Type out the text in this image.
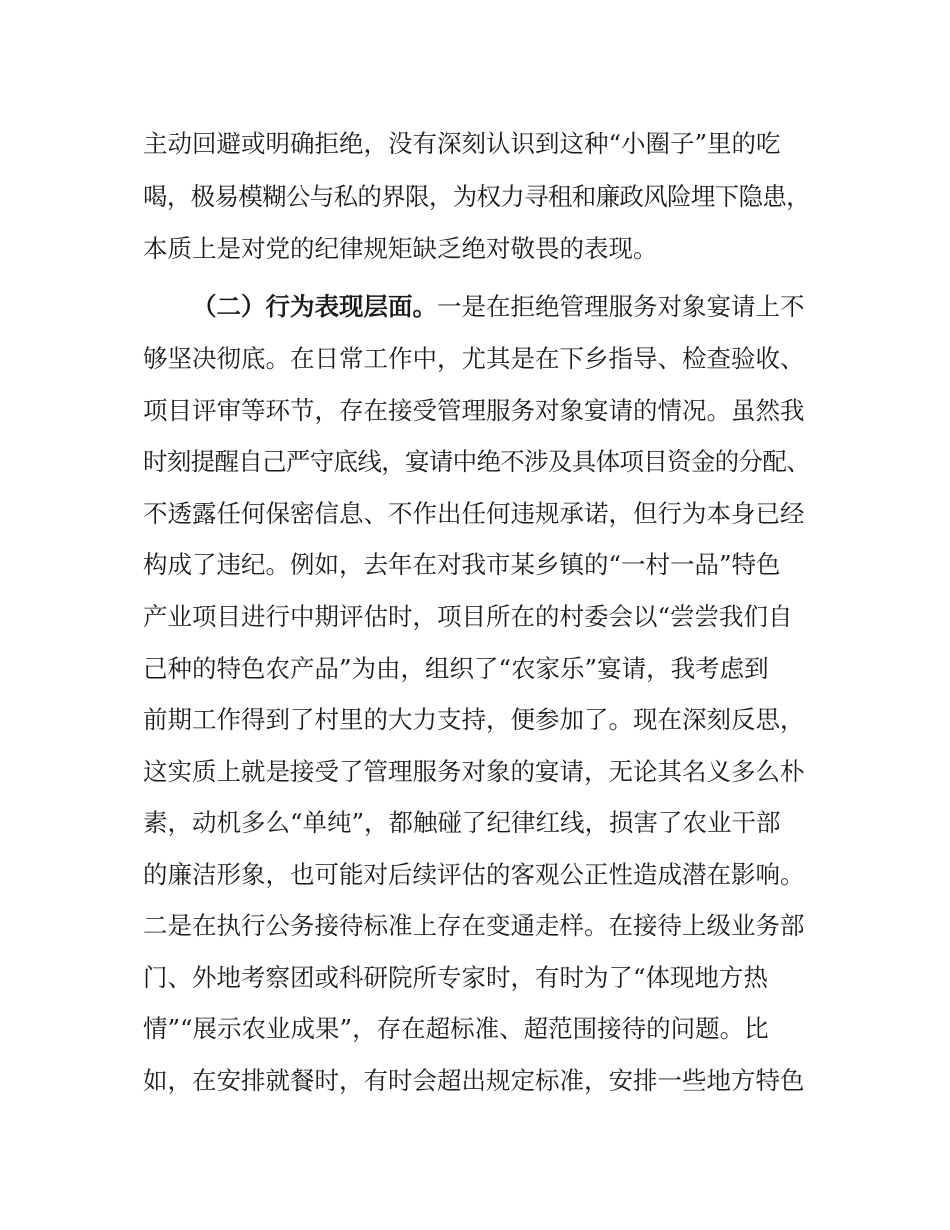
主动回避或明确拒绝，没有深刻认识到这种“小圈子”里的吃
喝，极易模糊公与私的界限，为权力寻租和廉政风险埋下隐患，
本质上是对党的纪律规矩缺乏绝对敬畏的表现。
（二）行为表现层面。一是在拒绝管理服务对象宴请上不
够坚决彻底。在日常工作中，尤其是在下乡指导、检查验收、
项目评审等环节，存在接受管理服务对象宴请的情况。虽然我
时刻提醒自己严守底线，宴请中绝不涉及具体项目资金的分配、
不透露任何保密信息、不作出任何违规承诺，但行为本身已经
构成了违纪。例如，去年在对我市某乡镇的“一村一品”特色
产业项目进行中期评估时，项目所在的村委会以“尝尝我们自
己种的特色农产品”为由，组织了“农家乐”宴请，我考虑到
前期工作得到了村里的大力支持，便参加了。现在深刻反思，
这实质上就是接受了管理服务对象的宴请，无论其名义多么朴
素，动机多么“单纯”，都触碰了纪律红线，损害了农业干部
的廉洁形象，也可能对后续评估的客观公正性造成潜在影响。
二是在执行公务接待标准上存在变通走样。在接待上级业务部
门、外地考察团或科研院所专家时，有时为了“体现地方热
情”“展示农业成果”，存在超标准、超范围接待的问题。比
如，在安排就餐时，有时会超出规定标准，安排一些地方特色
